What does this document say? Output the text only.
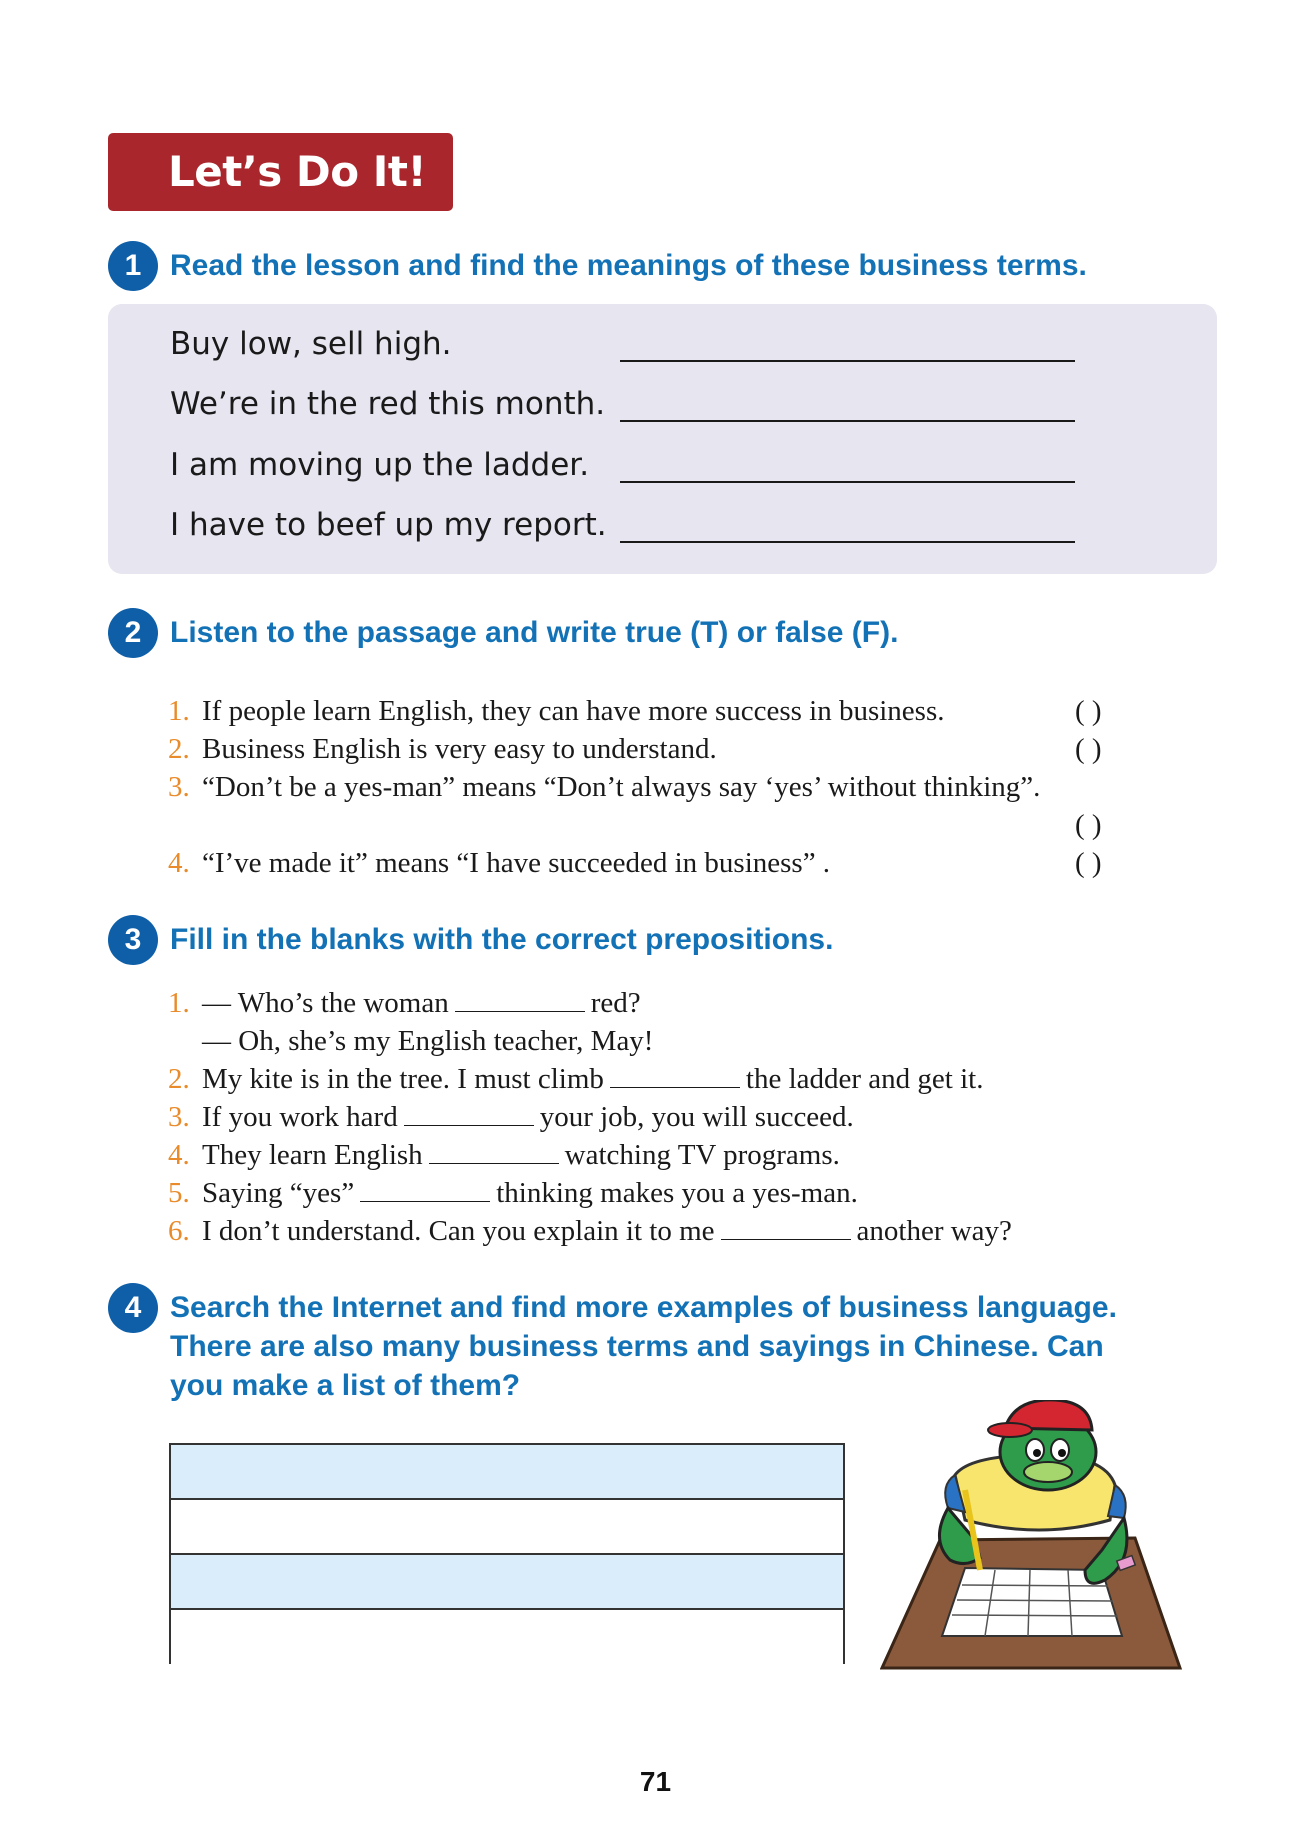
Let’s Do It!
1 Read the lesson and find the meanings of these business terms.
Buy low, sell high.
We’re in the red this month.
I am moving up the ladder.
I have to beef up my report.
2 Listen to the passage and write true (T) or false (F).
1. If people learn English, they can have more success in business.	( )
2. Business English is very easy to understand.	( )
3. “Don’t be a yes-man” means “Don’t always say ‘yes’ without thinking”.
( )
4. “I’ve made it” means “I have succeeded in business” .	( )
3 Fill in the blanks with the correct prepositions.
1. — Who’s the woman	red?
— Oh, she’s my English teacher, May!
2. My kite is in the tree. I must climb	the ladder and get it.
3. If you work hard	your job, you will succeed.
4. They learn English	watching TV programs.
5. Saying “yes”	thinking makes you a yes-man.
6. I don’t understand. Can you explain it to me	another way?
4 Search the Internet and find more examples of business language.
There are also many business terms and sayings in Chinese. Can
you make a list of them?
71
